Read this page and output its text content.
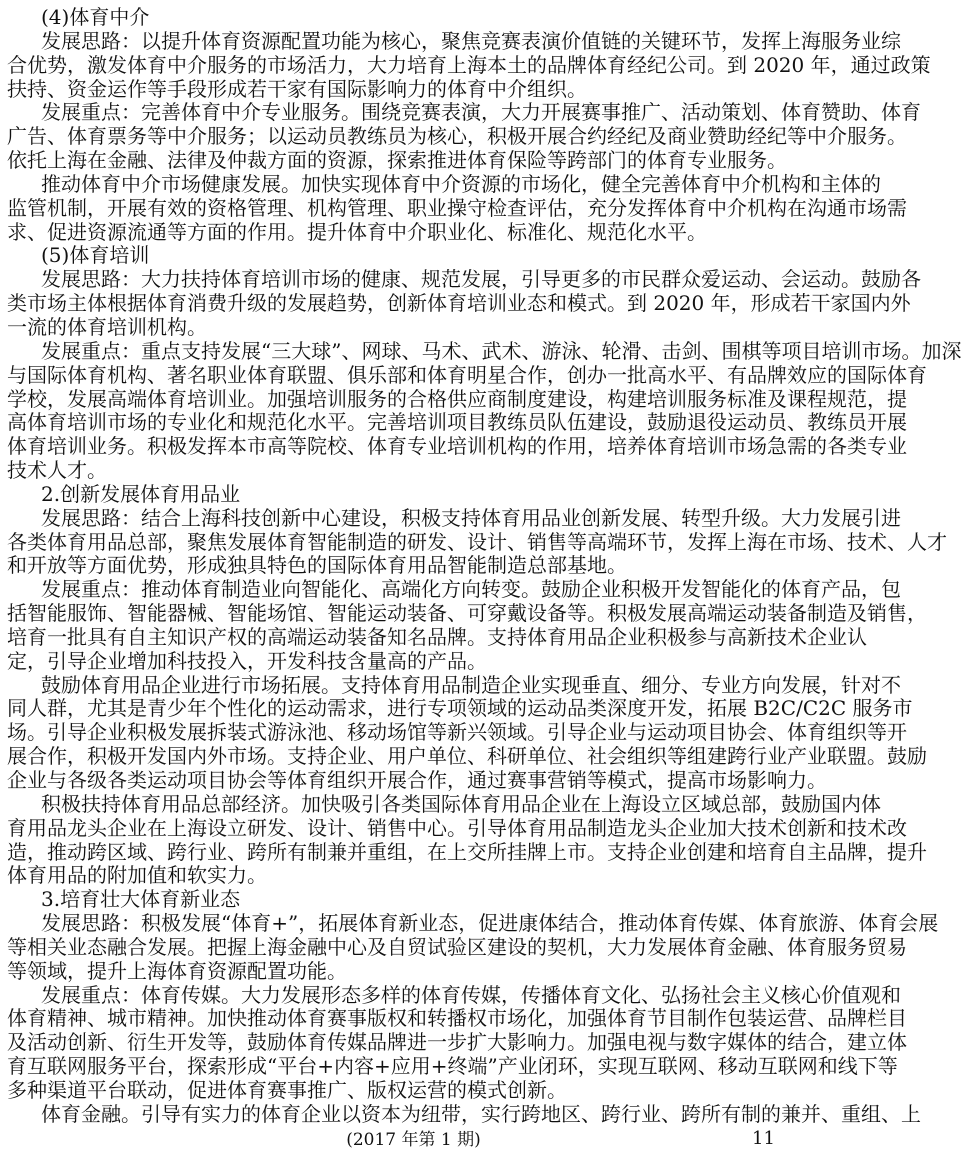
(4)体育中介
发展思路：以提升体育资源配置功能为核心，聚焦竞赛表演价值链的关键环节，发挥上海服务业综
合优势，激发体育中介服务的市场活力，大力培育上海本土的品牌体育经纪公司。到 2020 年，通过政策
扶持、资金运作等手段形成若干家有国际影响力的体育中介组织。
发展重点：完善体育中介专业服务。围绕竞赛表演，大力开展赛事推广、活动策划、体育赞助、体育
广告、体育票务等中介服务；以运动员教练员为核心，积极开展合约经纪及商业赞助经纪等中介服务。
依托上海在金融、法律及仲裁方面的资源，探索推进体育保险等跨部门的体育专业服务。
推动体育中介市场健康发展。加快实现体育中介资源的市场化，健全完善体育中介机构和主体的
监管机制，开展有效的资格管理、机构管理、职业操守检查评估，充分发挥体育中介机构在沟通市场需
求、促进资源流通等方面的作用。提升体育中介职业化、标准化、规范化水平。
(5)体育培训
发展思路：大力扶持体育培训市场的健康、规范发展，引导更多的市民群众爱运动、会运动。鼓励各
类市场主体根据体育消费升级的发展趋势，创新体育培训业态和模式。到 2020 年，形成若干家国内外
一流的体育培训机构。
发展重点：重点支持发展“三大球”、网球、马术、武术、游泳、轮滑、击剑、围棋等项目培训市场。加深
与国际体育机构、著名职业体育联盟、俱乐部和体育明星合作，创办一批高水平、有品牌效应的国际体育
学校，发展高端体育培训业。加强培训服务的合格供应商制度建设，构建培训服务标准及课程规范，提
高体育培训市场的专业化和规范化水平。完善培训项目教练员队伍建设，鼓励退役运动员、教练员开展
体育培训业务。积极发挥本市高等院校、体育专业培训机构的作用，培养体育培训市场急需的各类专业
技术人才。
2.创新发展体育用品业
发展思路：结合上海科技创新中心建设，积极支持体育用品业创新发展、转型升级。大力发展引进
各类体育用品总部，聚焦发展体育智能制造的研发、设计、销售等高端环节，发挥上海在市场、技术、人才
和开放等方面优势，形成独具特色的国际体育用品智能制造总部基地。
发展重点：推动体育制造业向智能化、高端化方向转变。鼓励企业积极开发智能化的体育产品，包
括智能服饰、智能器械、智能场馆、智能运动装备、可穿戴设备等。积极发展高端运动装备制造及销售，
培育一批具有自主知识产权的高端运动装备知名品牌。支持体育用品企业积极参与高新技术企业认
定，引导企业增加科技投入，开发科技含量高的产品。
鼓励体育用品企业进行市场拓展。支持体育用品制造企业实现垂直、细分、专业方向发展，针对不
同人群，尤其是青少年个性化的运动需求，进行专项领域的运动品类深度开发，拓展 B2C/C2C 服务市
场。引导企业积极发展拆装式游泳池、移动场馆等新兴领域。引导企业与运动项目协会、体育组织等开
展合作，积极开发国内外市场。支持企业、用户单位、科研单位、社会组织等组建跨行业产业联盟。鼓励
企业与各级各类运动项目协会等体育组织开展合作，通过赛事营销等模式，提高市场影响力。
积极扶持体育用品总部经济。加快吸引各类国际体育用品企业在上海设立区域总部，鼓励国内体
育用品龙头企业在上海设立研发、设计、销售中心。引导体育用品制造龙头企业加大技术创新和技术改
造，推动跨区域、跨行业、跨所有制兼并重组，在上交所挂牌上市。支持企业创建和培育自主品牌，提升
体育用品的附加值和软实力。
3.培育壮大体育新业态
发展思路：积极发展“体育+”，拓展体育新业态，促进康体结合，推动体育传媒、体育旅游、体育会展
等相关业态融合发展。把握上海金融中心及自贸试验区建设的契机，大力发展体育金融、体育服务贸易
等领域，提升上海体育资源配置功能。
发展重点：体育传媒。大力发展形态多样的体育传媒，传播体育文化、弘扬社会主义核心价值观和
体育精神、城市精神。加快推动体育赛事版权和转播权市场化，加强体育节目制作包装运营、品牌栏目
及活动创新、衍生开发等，鼓励体育传媒品牌进一步扩大影响力。加强电视与数字媒体的结合，建立体
育互联网服务平台，探索形成“平台+内容+应用+终端”产业闭环，实现互联网、移动互联网和线下等
多种渠道平台联动，促进体育赛事推广、版权运营的模式创新。
体育金融。引导有实力的体育企业以资本为纽带，实行跨地区、跨行业、跨所有制的兼并、重组、上
(2017 年第 1 期)	11
